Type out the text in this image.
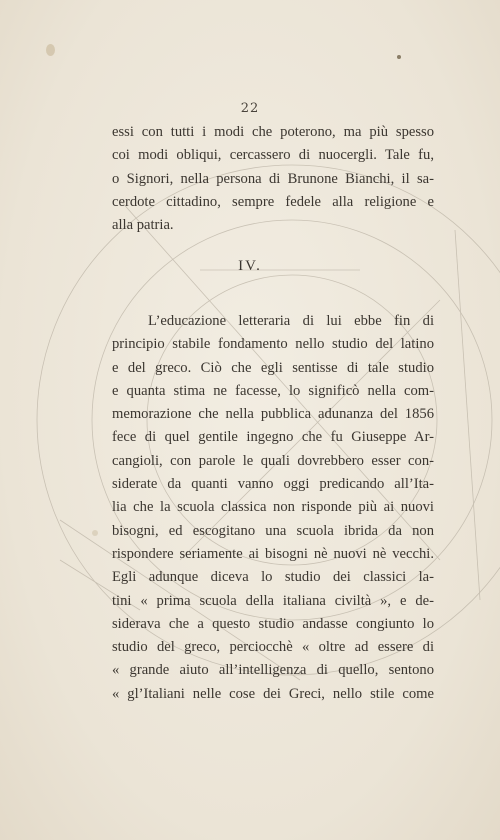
22
essi con tutti i modi che poterono, ma più spesso
coi modi obliqui, cercassero di nuocergli. Tale fu,
o Signori, nella persona di Brunone Bianchi, il sa-
cerdote cittadino, sempre fedele alla religione e
alla patria.
IV.
L’educazione letteraria di lui ebbe fin di
principio stabile fondamento nello studio del latino
e del greco. Ciò che egli sentisse di tale studio
e quanta stima ne facesse, lo significò nella com-
memorazione che nella pubblica adunanza del 1856
fece di quel gentile ingegno che fu Giuseppe Ar-
cangioli, con parole le quali dovrebbero esser con-
siderate da quanti vanno oggi predicando all’Ita-
lia che la scuola classica non risponde più ai nuovi
bisogni, ed escogitano una scuola ibrida da non
rispondere seriamente ai bisogni nè nuovi nè vecchi.
Egli adunque diceva lo studio dei classici la-
tini « prima scuola della italiana civiltà », e de-
siderava che a questo studio andasse congiunto lo
studio del greco, perciocchè « oltre ad essere di
« grande aiuto all’intelligenza di quello, sentono
« gl’Italiani nelle cose dei Greci, nello stile come
